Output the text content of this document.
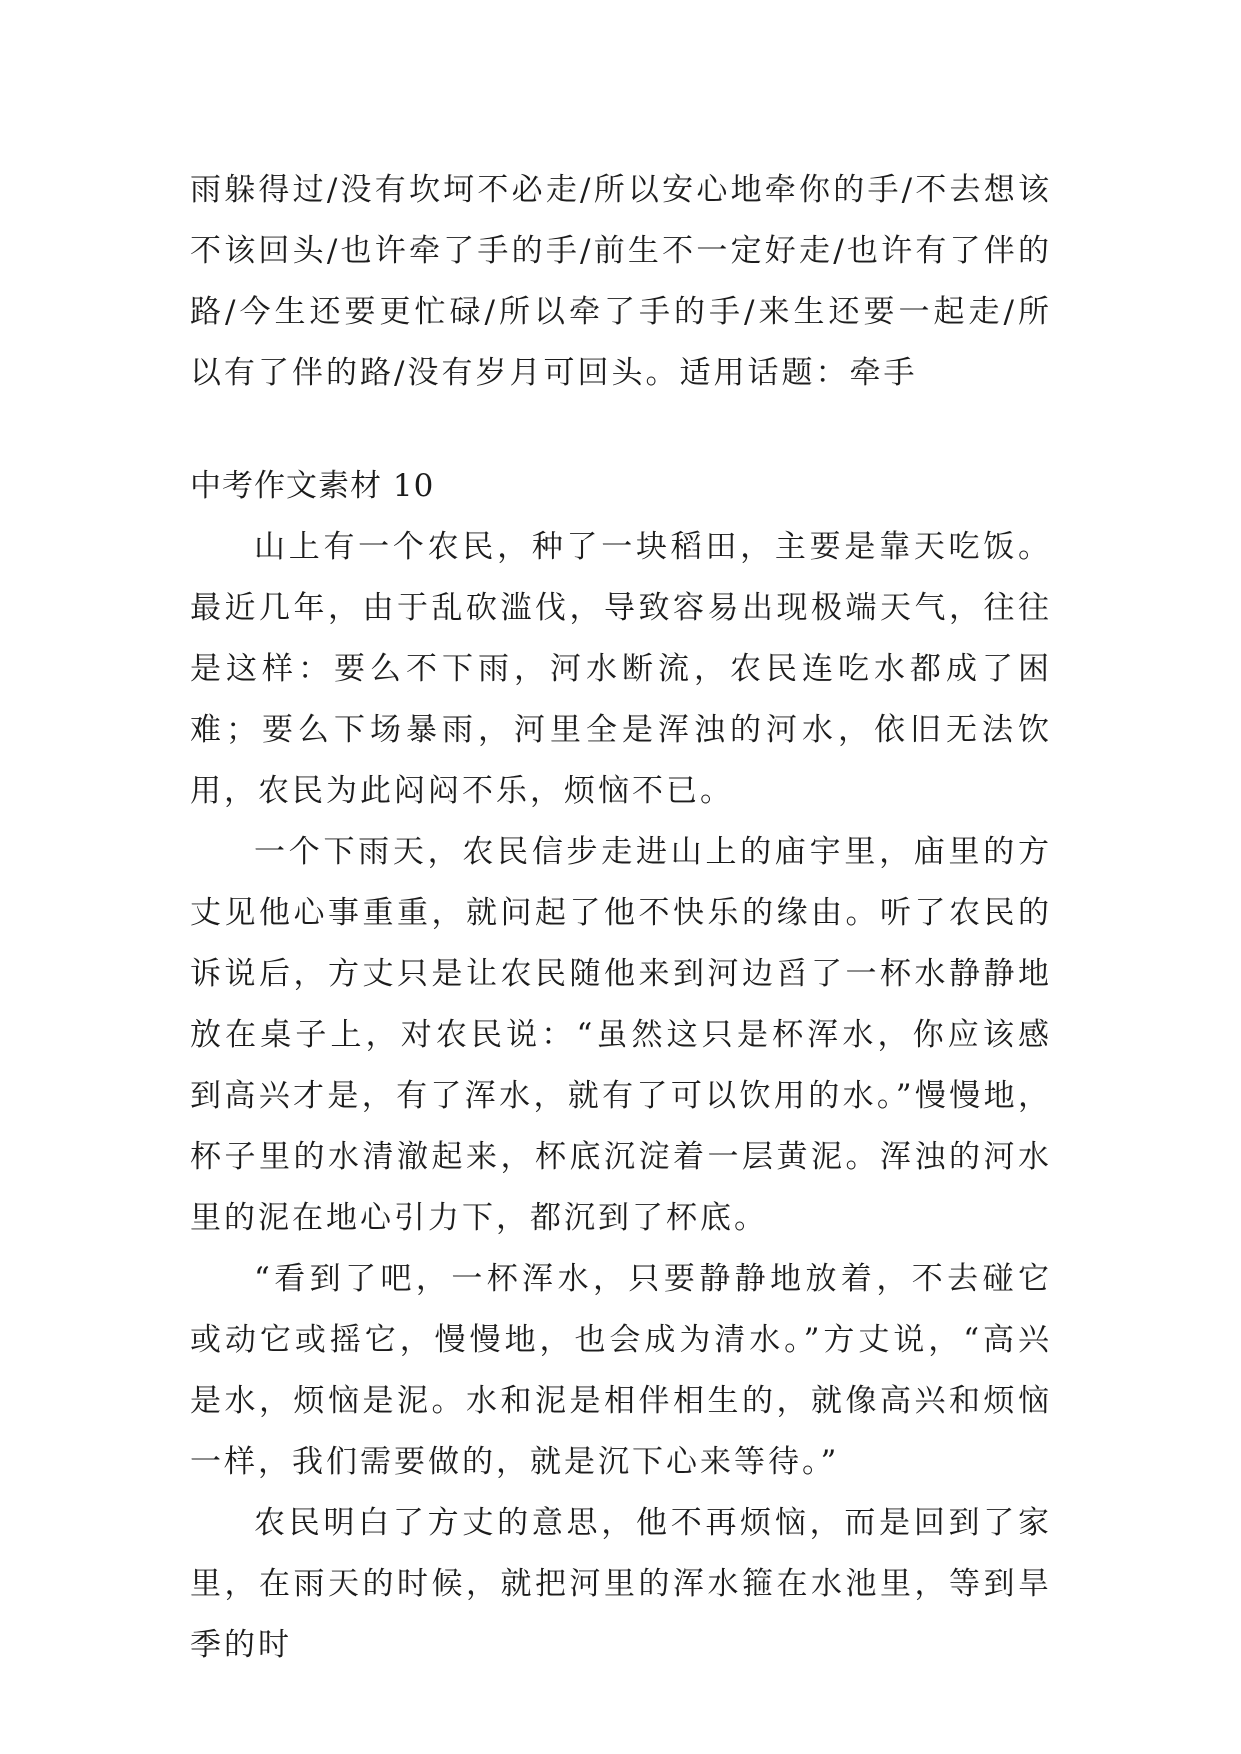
雨躲得过/没有坎坷不必走/所以安心地牵你的手/不去想该不该回头/也许牵了手的手/前生不一定好走/也许有了伴的路/今生还要更忙碌/所以牵了手的手/来生还要一起走/所以有了伴的路/没有岁月可回头。适用话题：牵手

中考作文素材 10

山上有一个农民，种了一块稻田，主要是靠天吃饭。最近几年，由于乱砍滥伐，导致容易出现极端天气，往往是这样：要么不下雨，河水断流，农民连吃水都成了困难；要么下场暴雨，河里全是浑浊的河水，依旧无法饮用，农民为此闷闷不乐，烦恼不已。

一个下雨天，农民信步走进山上的庙宇里，庙里的方丈见他心事重重，就问起了他不快乐的缘由。听了农民的诉说后，方丈只是让农民随他来到河边舀了一杯水静静地放在桌子上，对农民说：“虽然这只是杯浑水，你应该感到高兴才是，有了浑水，就有了可以饮用的水。”慢慢地，杯子里的水清澈起来，杯底沉淀着一层黄泥。浑浊的河水里的泥在地心引力下，都沉到了杯底。

“看到了吧，一杯浑水，只要静静地放着，不去碰它或动它或摇它，慢慢地，也会成为清水。”方丈说，“高兴是水，烦恼是泥。水和泥是相伴相生的，就像高兴和烦恼一样，我们需要做的，就是沉下心来等待。”

农民明白了方丈的意思，他不再烦恼，而是回到了家里，在雨天的时候，就把河里的浑水箍在水池里，等到旱季的时
